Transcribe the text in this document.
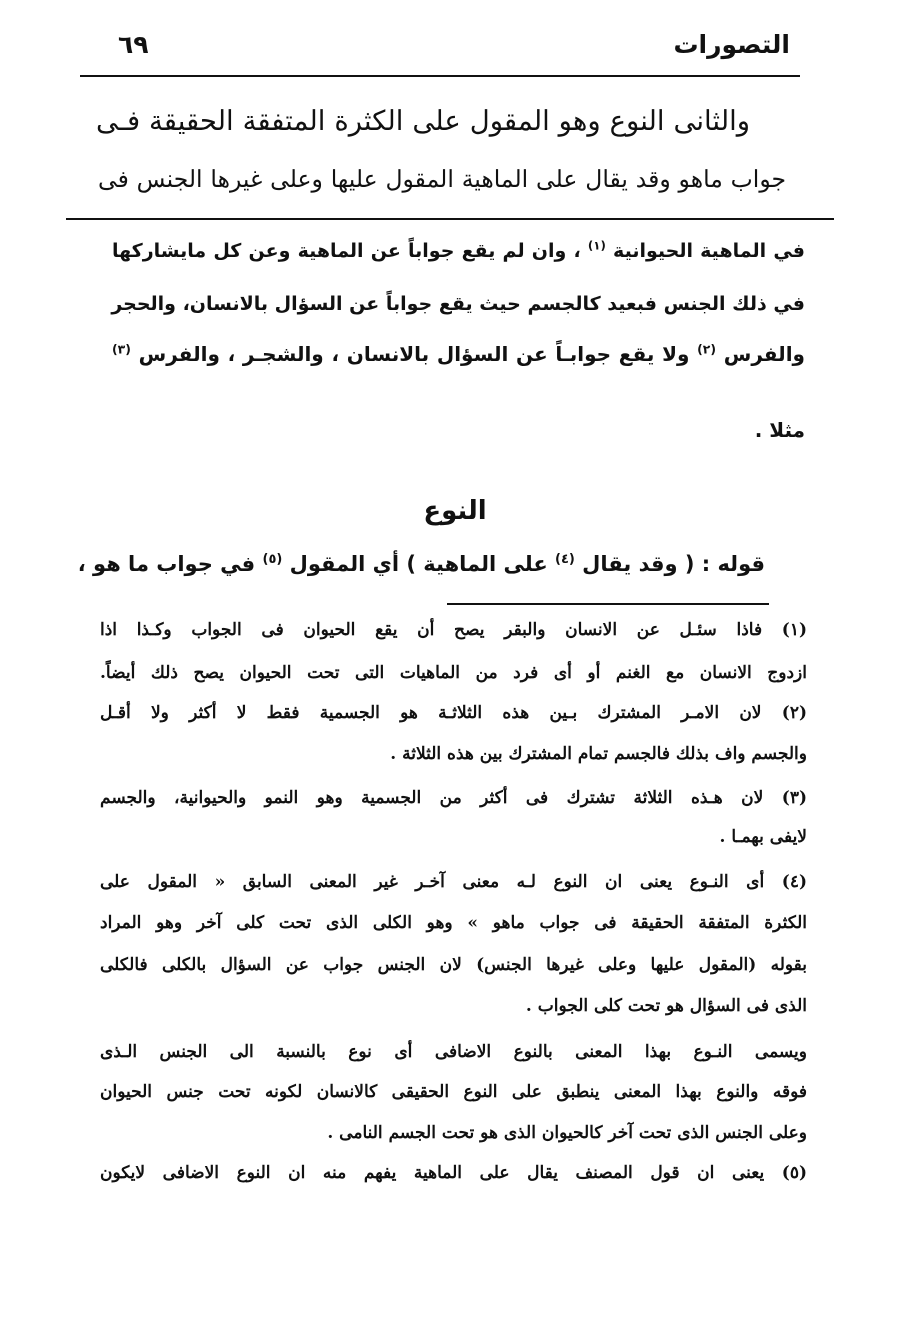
التصورات
٦٩
والثانى النوع وهو المقول على الكثرة المتفقة الحقيقة فـى
جواب ماهو وقد يقال على الماهية المقول عليها وعلى غيرها الجنس فى
في الماهية الحيوانية $^{(١)}$ ، وان لم يقع جواباً عن الماهية وعن كل مايشاركها
في ذلك الجنس فبعيد كالجسم حيث يقع جواباً عن السؤال بالانسان، والحجر
والفرس $^{(٢)}$ ولا يقع جوابـاً عن السؤال بالانسان ، والشجـر ، والفرس $^{(٣)}$
مثلا .
النوع
قوله : ( وقد يقال $^{(٤)}$ على الماهية ) أي المقول $^{(٥)}$ في جواب ما هو ،
(١) فاذا سئـل عن الانسان والبقر يصح أن يقع الحيوان فى الجواب وكـذا اذا
ازدوج الانسان مع الغنم أو أى فرد من الماهيات التى تحت الحيوان يصح ذلك أيضاً.
(٢) لان الامـر المشترك بـين هذه الثلاثـة هو الجسمية فقط لا أكثر ولا أقـل
والجسم واف بذلك فالجسم تمام المشترك بين هذه الثلاثة .
(٣) لان هـذه الثلاثة تشترك فى أكثر من الجسمية وهو النمو والحيوانية، والجسم
لايفى بهمـا .
(٤) أى النـوع يعنى ان النوع لـه معنى آخـر غير المعنى السابق « المقول على
الكثرة المتفقة الحقيقة فى جواب ماهو » وهو الكلى الذى تحت كلى آخر وهو المراد
بقوله (المقول عليها وعلى غيرها الجنس) لان الجنس جواب عن السؤال بالكلى فالكلى
الذى فى السؤال هو تحت كلى الجواب .
ويسمى النـوع بهذا المعنى بالنوع الاضافى أى نوع بالنسبة الى الجنس الـذى
فوقه والنوع بهذا المعنى ينطبق على النوع الحقيقى كالانسان لكونه تحت جنس الحيوان
وعلى الجنس الذى تحت آخر كالحيوان الذى هو تحت الجسم النامى .
(٥) يعنى ان قول المصنف يقال على الماهية يفهم منه ان النوع الاضافى لايكون
